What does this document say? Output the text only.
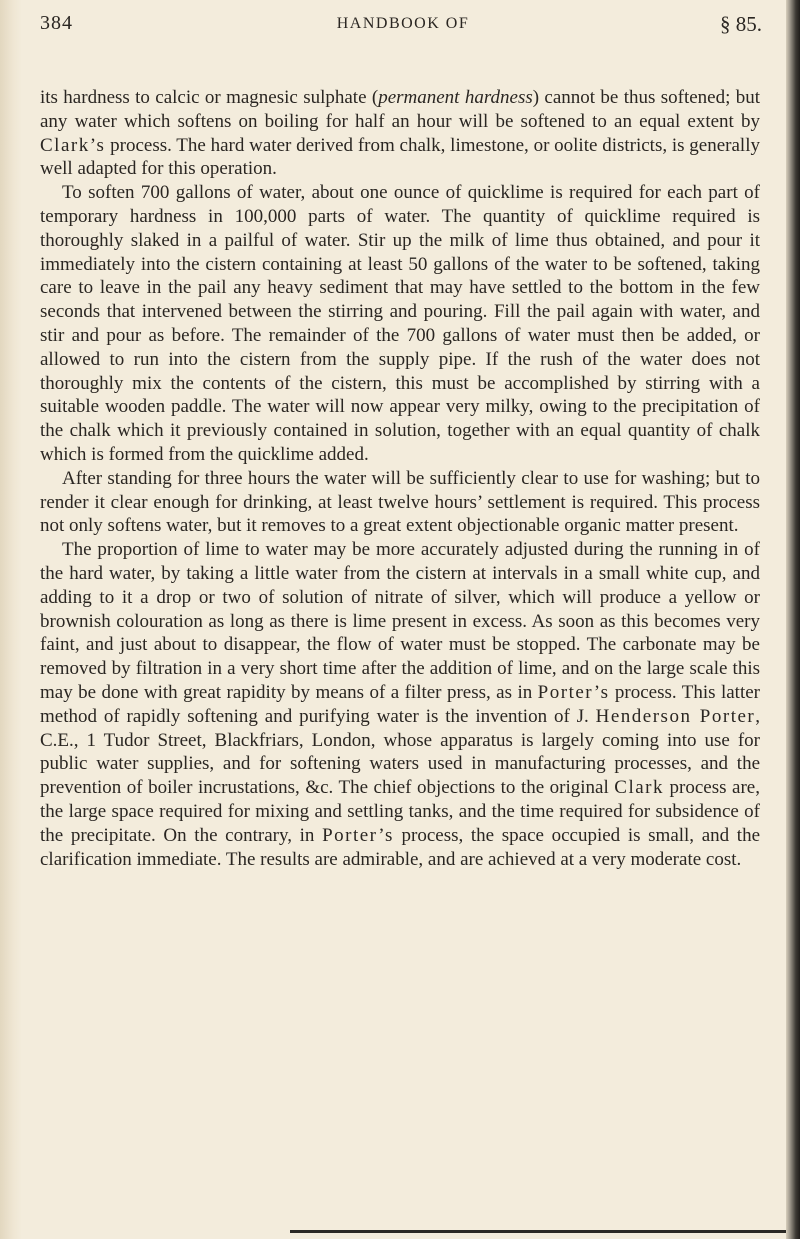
384	HANDBOOK OF	§ 85.

its hardness to calcic or magnesic sulphate (permanent hardness) cannot be thus softened; but any water which softens on boiling for half an hour will be softened to an equal extent by Clark’s process. The hard water derived from chalk, limestone, or oolite districts, is generally well adapted for this operation.

To soften 700 gallons of water, about one ounce of quicklime is required for each part of temporary hardness in 100,000 parts of water. The quantity of quicklime required is thoroughly slaked in a pailful of water. Stir up the milk of lime thus obtained, and pour it immediately into the cistern containing at least 50 gallons of the water to be softened, taking care to leave in the pail any heavy sediment that may have settled to the bottom in the few seconds that intervened between the stirring and pouring. Fill the pail again with water, and stir and pour as before. The remainder of the 700 gallons of water must then be added, or allowed to run into the cistern from the supply pipe. If the rush of the water does not thoroughly mix the contents of the cistern, this must be accomplished by stirring with a suitable wooden paddle. The water will now appear very milky, owing to the precipitation of the chalk which it previously contained in solution, together with an equal quantity of chalk which is formed from the quicklime added.

After standing for three hours the water will be sufficiently clear to use for washing; but to render it clear enough for drinking, at least twelve hours’ settlement is required. This process not only softens water, but it removes to a great extent objectionable organic matter present.

The proportion of lime to water may be more accurately adjusted during the running in of the hard water, by taking a little water from the cistern at intervals in a small white cup, and adding to it a drop or two of solution of nitrate of silver, which will produce a yellow or brownish colouration as long as there is lime present in excess. As soon as this becomes very faint, and just about to disappear, the flow of water must be stopped. The carbonate may be removed by filtration in a very short time after the addition of lime, and on the large scale this may be done with great rapidity by means of a filter press, as in Porter’s process. This latter method of rapidly softening and purifying water is the invention of J. Henderson Porter, C.E., 1 Tudor Street, Blackfriars, London, whose apparatus is largely coming into use for public water supplies, and for softening waters used in manufacturing processes, and the prevention of boiler incrustations, &c. The chief objections to the original Clark process are, the large space required for mixing and settling tanks, and the time required for subsidence of the precipitate. On the contrary, in Porter’s process, the space occupied is small, and the clarification immediate. The results are admirable, and are achieved at a very moderate cost.
